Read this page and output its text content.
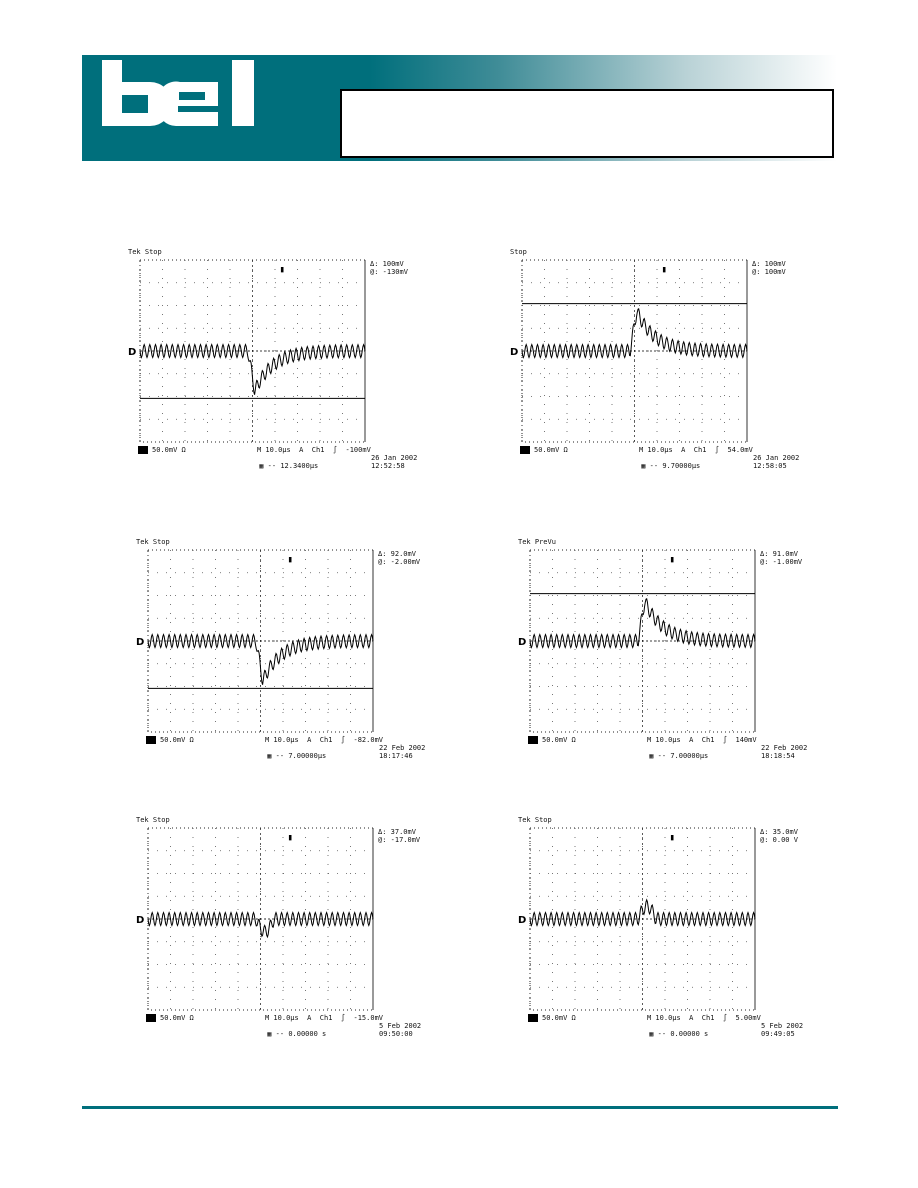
▮
D
Tek Stop
Δ: 100mV
@: -130mV
50.0mV Ω	M 10.0μs  A  Ch1  ∫  -100mV
▦ -- 12.3400μs
26 Jan 2002
12:52:58
▮
D
Stop
Δ: 100mV
@: 100mV
50.0mV Ω	M 10.0μs  A  Ch1  ∫  54.0mV
▦ -- 9.70000μs
26 Jan 2002
12:58:05
▮
D
Tek Stop
Δ: 92.0mV
@: -2.00mV
50.0mV Ω	M 10.0μs  A  Ch1  ∫  -82.0mV
▦ -- 7.00000μs
22 Feb 2002
18:17:46
▮
D
Tek PreVu
Δ: 91.0mV
@: -1.00mV
50.0mV Ω	M 10.0μs  A  Ch1  ∫  140mV
▦ -- 7.00000μs
22 Feb 2002
18:18:54
▮
D
Tek Stop
Δ: 37.0mV
@: -17.0mV
50.0mV Ω	M 10.0μs  A  Ch1  ∫  -15.0mV
▦ -- 0.00000 s
5 Feb 2002
09:50:00
▮
D
Tek Stop
Δ: 35.0mV
@: 0.00 V
50.0mV Ω	M 10.0μs  A  Ch1  ∫  5.00mV
▦ -- 0.00000 s
5 Feb 2002
09:49:05
